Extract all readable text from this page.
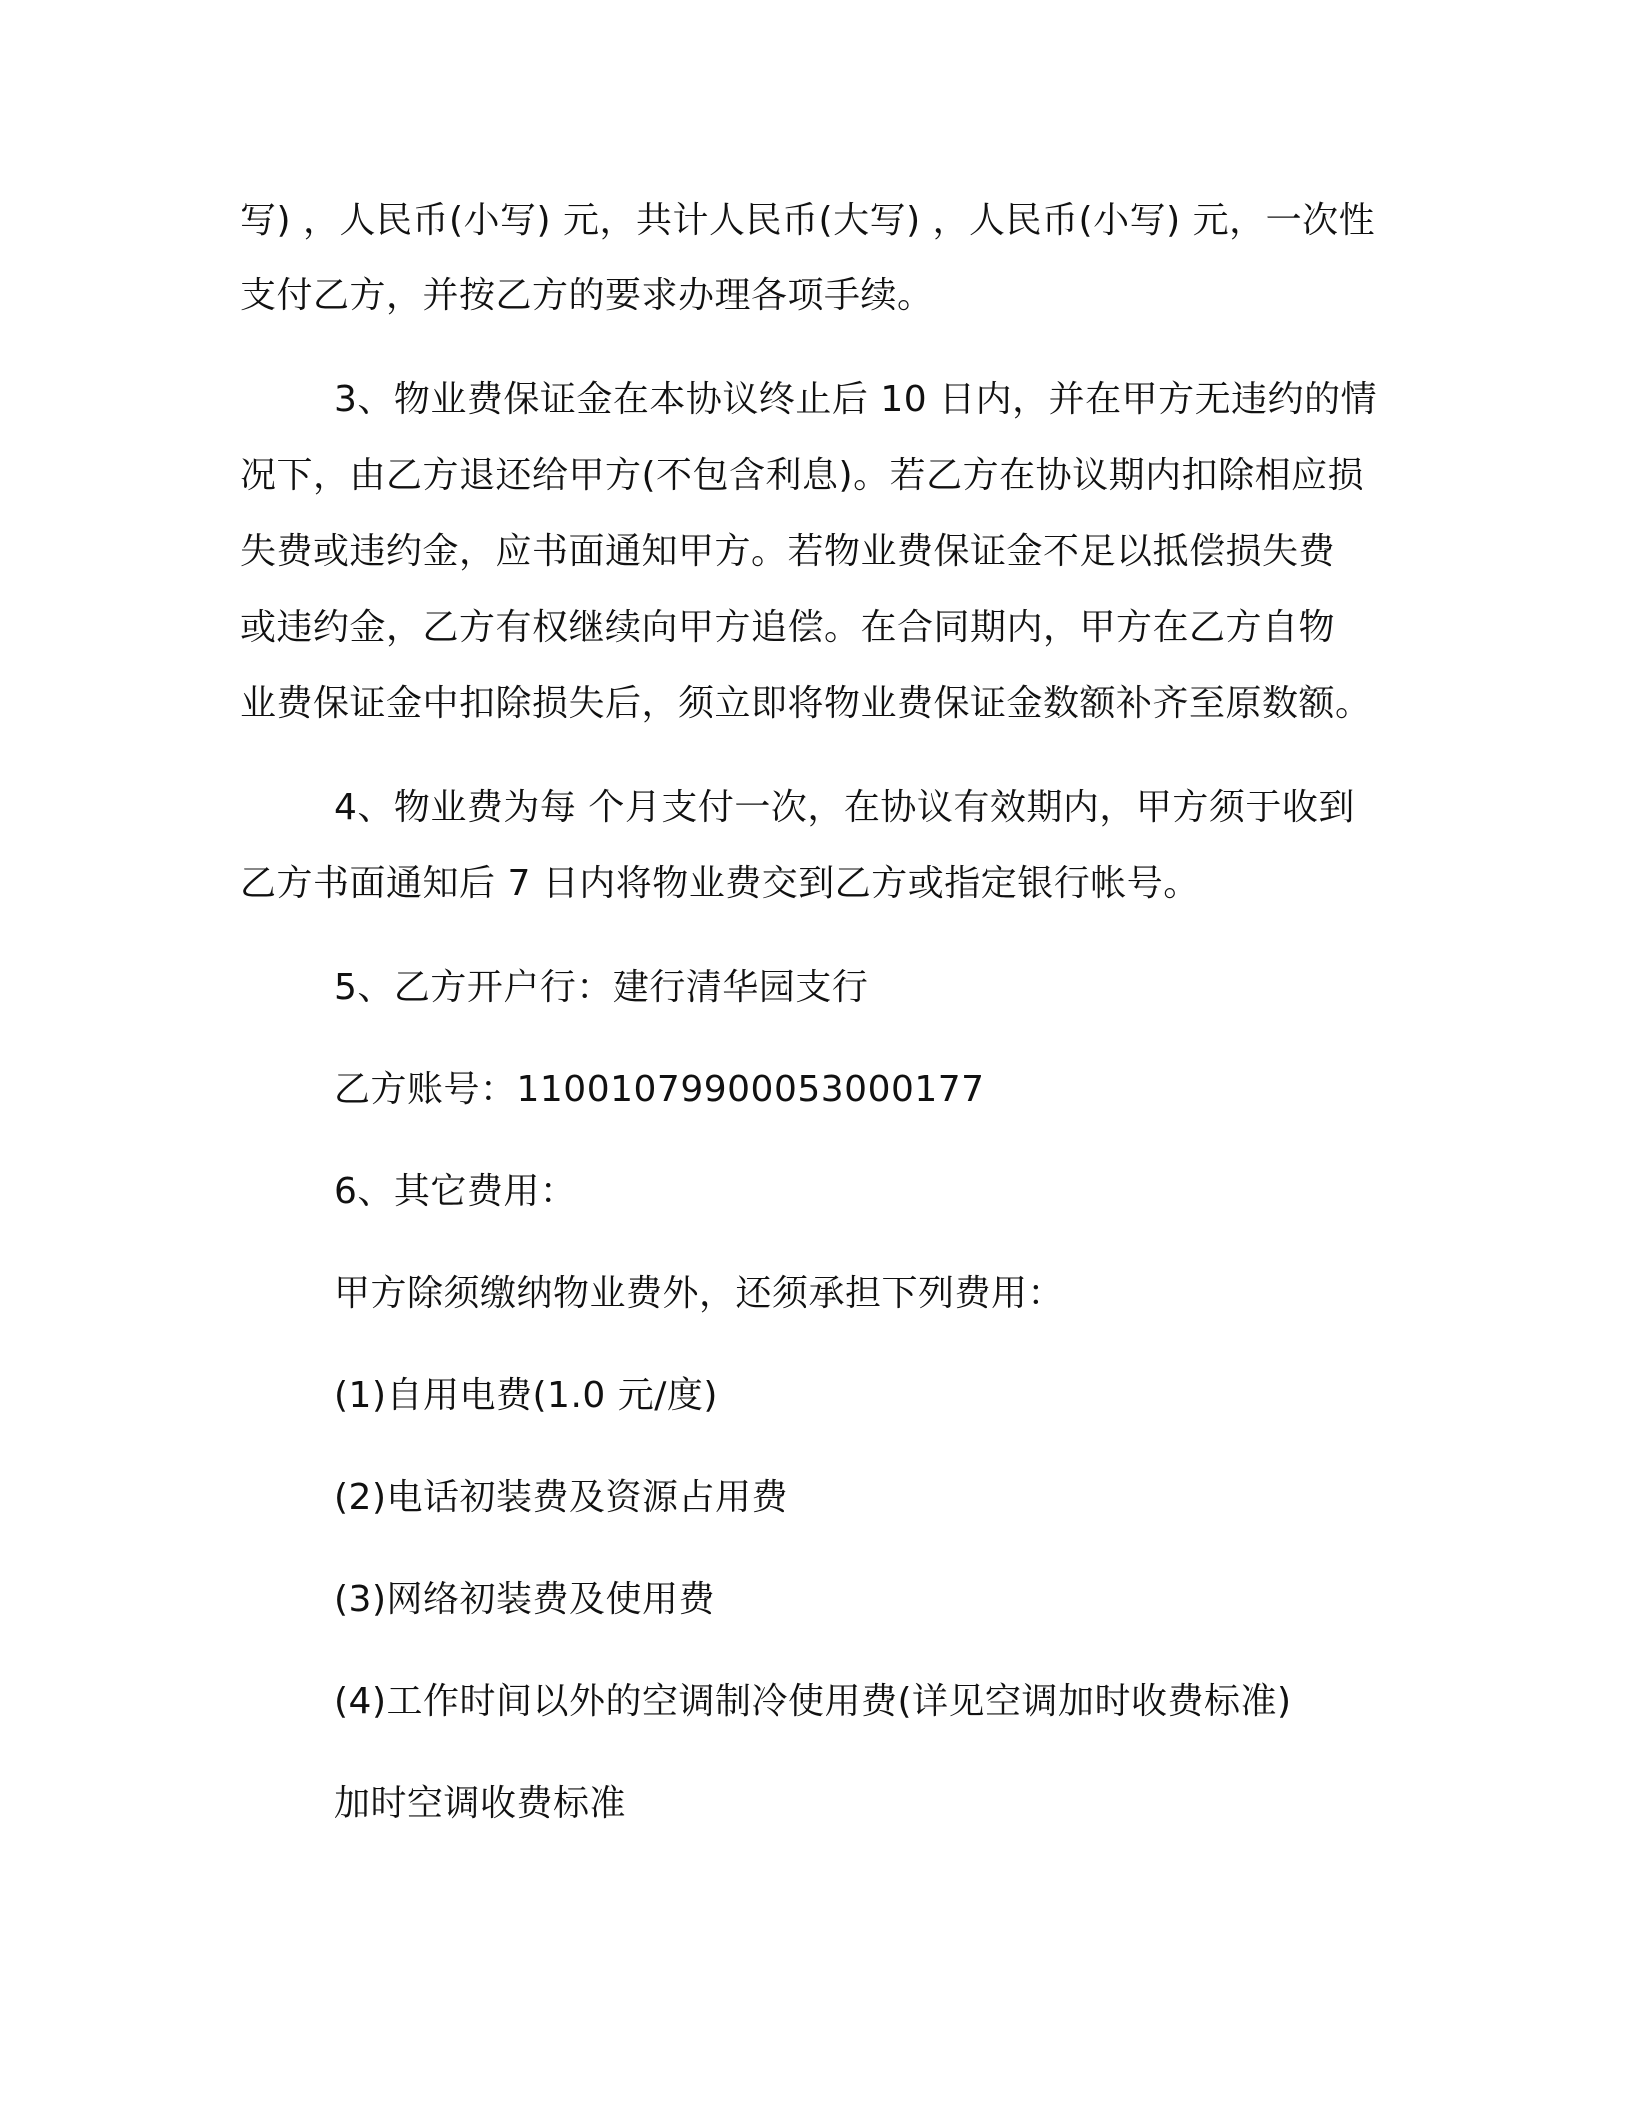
写) ，人民币(小写) 元，共计人民币(大写) ，人民币(小写) 元，一次性
支付乙方，并按乙方的要求办理各项手续。
3、物业费保证金在本协议终止后 10 日内，并在甲方无违约的情
况下，由乙方退还给甲方(不包含利息)。若乙方在协议期内扣除相应损
失费或违约金，应书面通知甲方。若物业费保证金不足以抵偿损失费
或违约金，乙方有权继续向甲方追偿。在合同期内，甲方在乙方自物
业费保证金中扣除损失后，须立即将物业费保证金数额补齐至原数额。
4、物业费为每 个月支付一次，在协议有效期内，甲方须于收到
乙方书面通知后 7 日内将物业费交到乙方或指定银行帐号。
5、乙方开户行：建行清华园支行
乙方账号：11001079900053000177
6、其它费用：
甲方除须缴纳物业费外，还须承担下列费用：
(1)自用电费(1.0 元/度)
(2)电话初装费及资源占用费
(3)网络初装费及使用费
(4)工作时间以外的空调制冷使用费(详见空调加时收费标准)
加时空调收费标准
